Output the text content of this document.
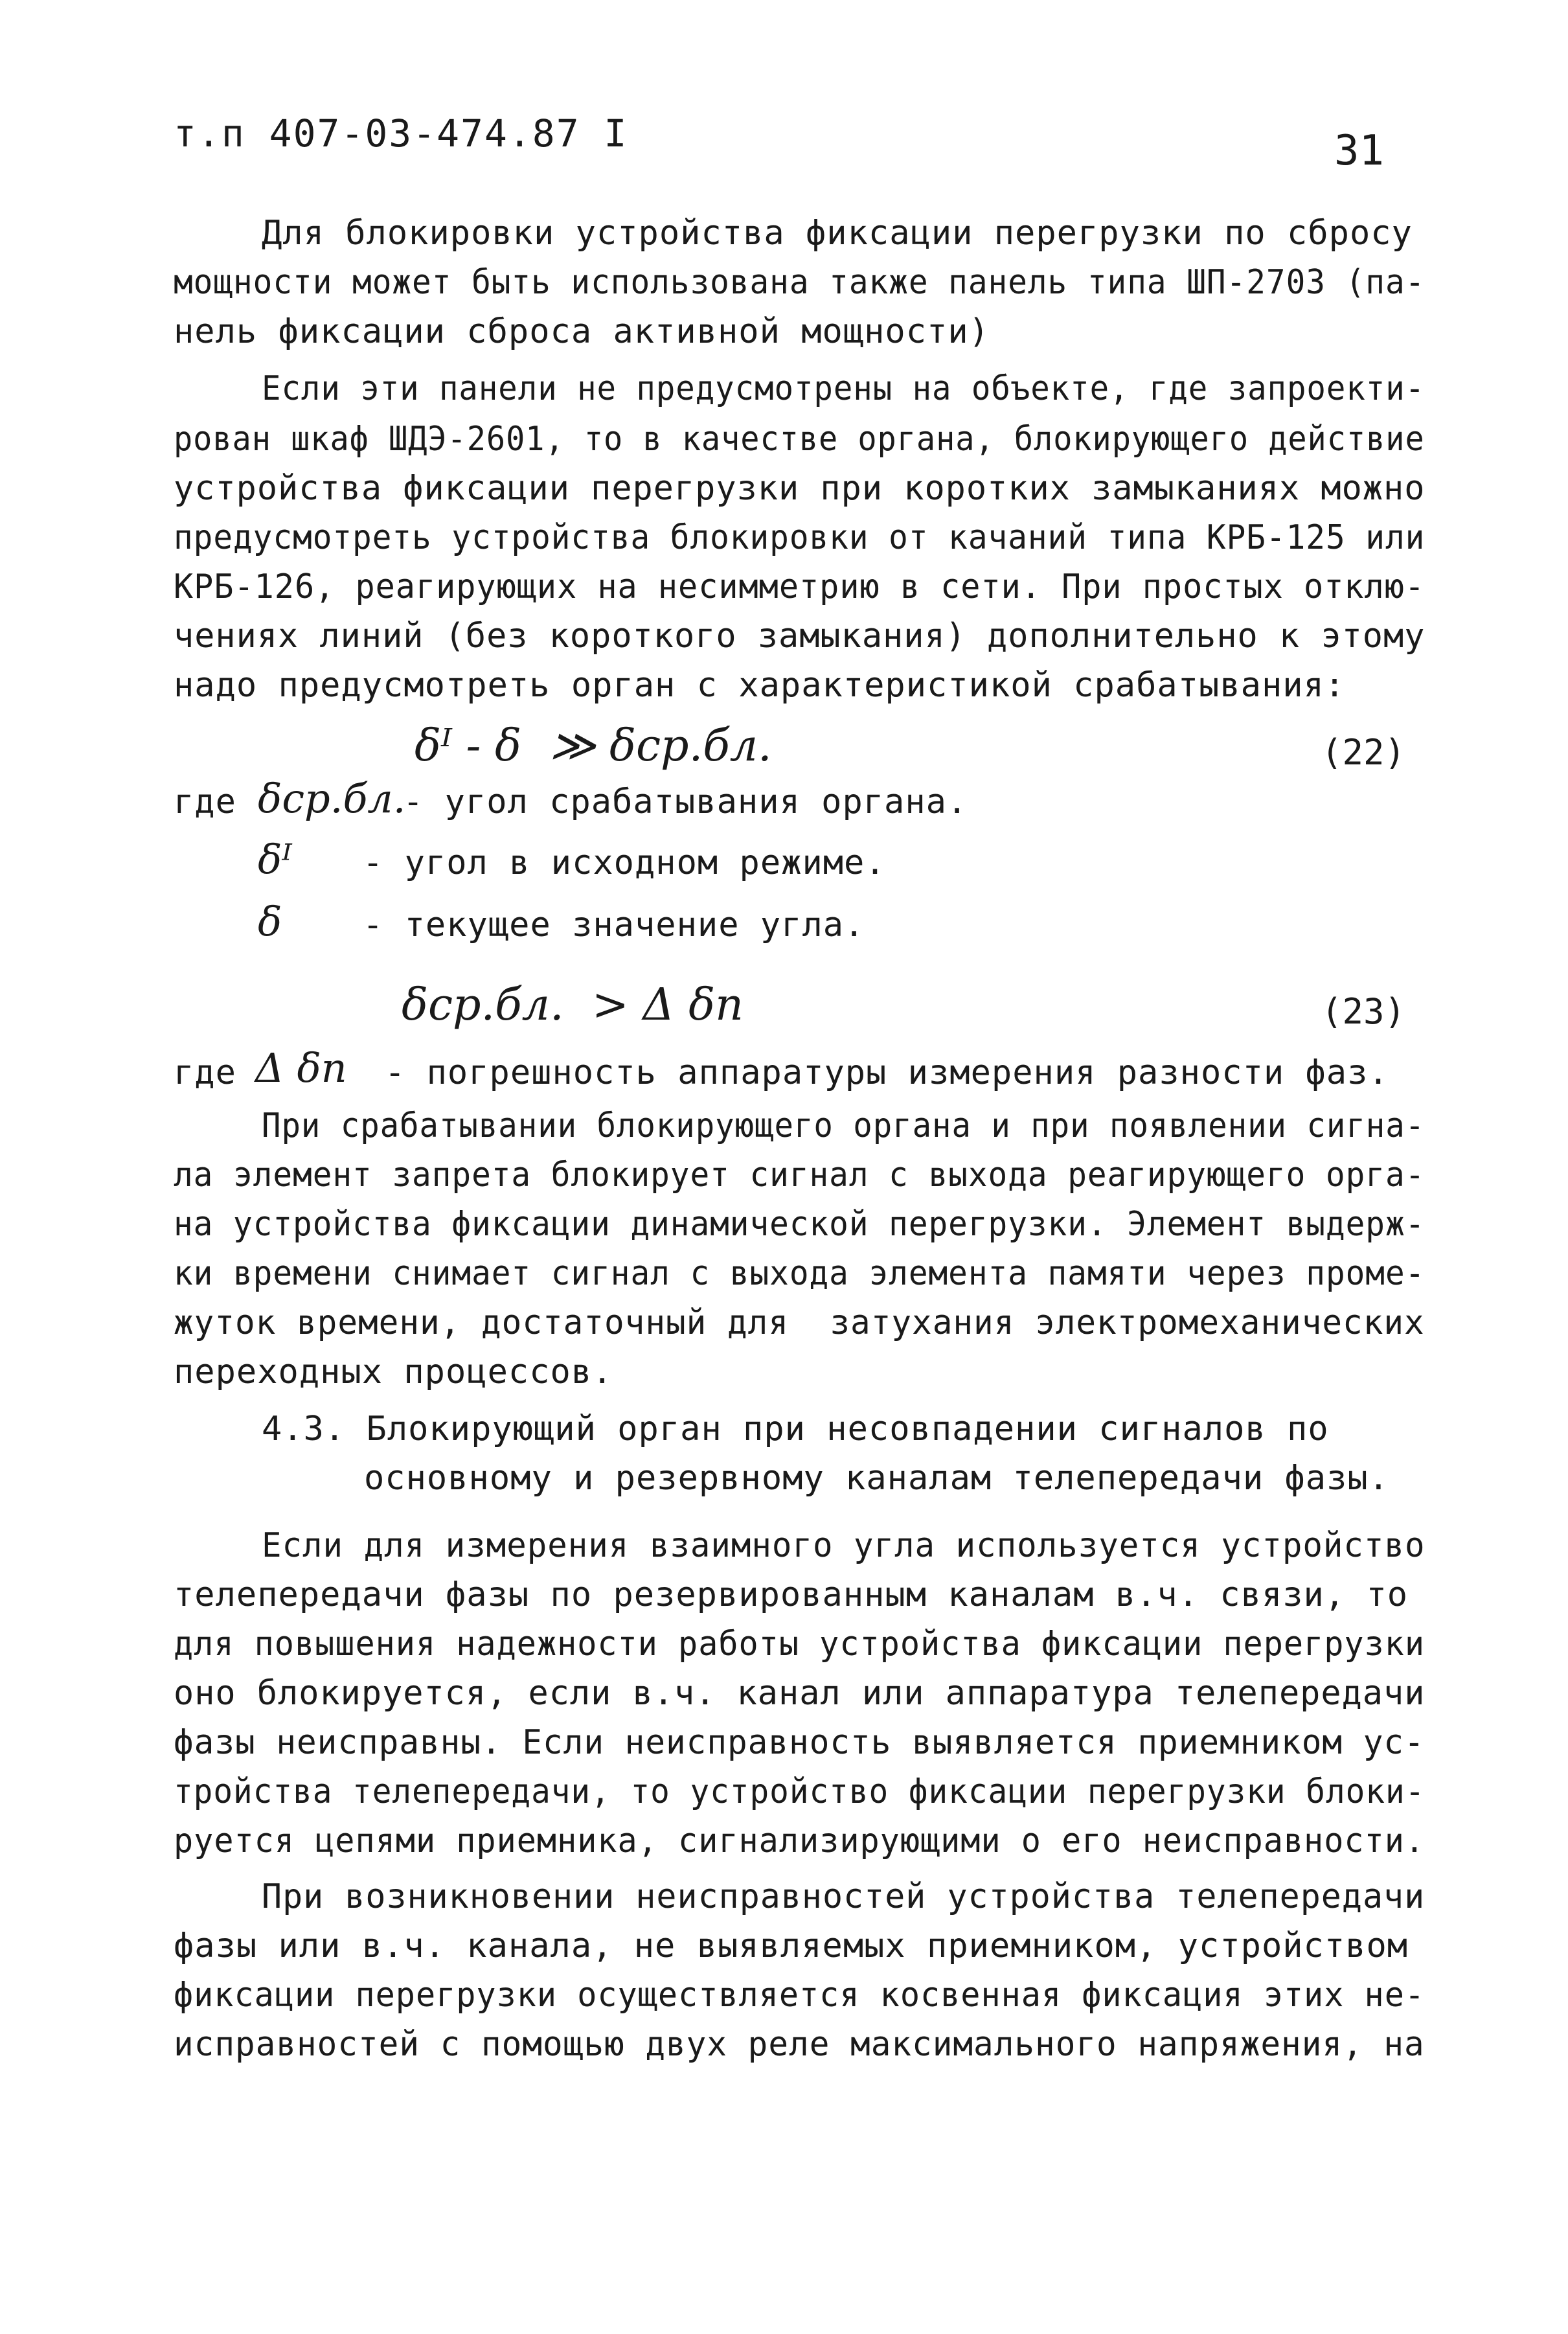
т.п 407-03-474.87 I	31
Для блокировки устройства фиксации перегрузки по сбросу
мощности может быть использована также панель типа ШП-2703 (па-
нель фиксации сброса активной мощности)
Если эти панели не предусмотрены на объекте, где запроекти-
рован шкаф ШДЭ-2601, то в качестве органа, блокирующего действие
устройства фиксации перегрузки при коротких замыканиях можно
предусмотреть устройства блокировки от качаний типа КРБ-125 или
КРБ-126, реагирующих на несимметрию в сети. При простых отклю-
чениях линий (без короткого замыкания) дополнительно к этому
надо предусмотреть орган с характеристикой срабатывания:
δᴵ - δ  ≫ δср.бл.	(22)
где δср.бл.
- угол срабатывания органа.
δᴵ - угол в исходном режиме.
δ - текущее значение угла.
δср.бл.  > Δ δп	(23)
где Δ δп - погрешность аппаратуры измерения разности фаз.
При срабатывании блокирующего органа и при появлении сигна-
ла элемент запрета блокирует сигнал с выхода реагирующего орга-
на устройства фиксации динамической перегрузки. Элемент выдерж-
ки времени снимает сигнал с выхода элемента памяти через проме-
жуток времени, достаточный для  затухания электромеханических
переходных процессов.
4.3. Блокирующий орган при несовпадении сигналов по
основному и резервному каналам телепередачи фазы.
Если для измерения взаимного угла используется устройство
телепередачи фазы по резервированным каналам в.ч. связи, то
для повышения надежности работы устройства фиксации перегрузки
оно блокируется, если в.ч. канал или аппаратура телепередачи
фазы неисправны. Если неисправность выявляется приемником ус-
тройства телепередачи, то устройство фиксации перегрузки блоки-
руется цепями приемника, сигнализирующими о его неисправности.
При возникновении неисправностей устройства телепередачи
фазы или в.ч. канала, не выявляемых приемником, устройством
фиксации перегрузки осуществляется косвенная фиксация этих не-
исправностей с помощью двух реле максимального напряжения, на
